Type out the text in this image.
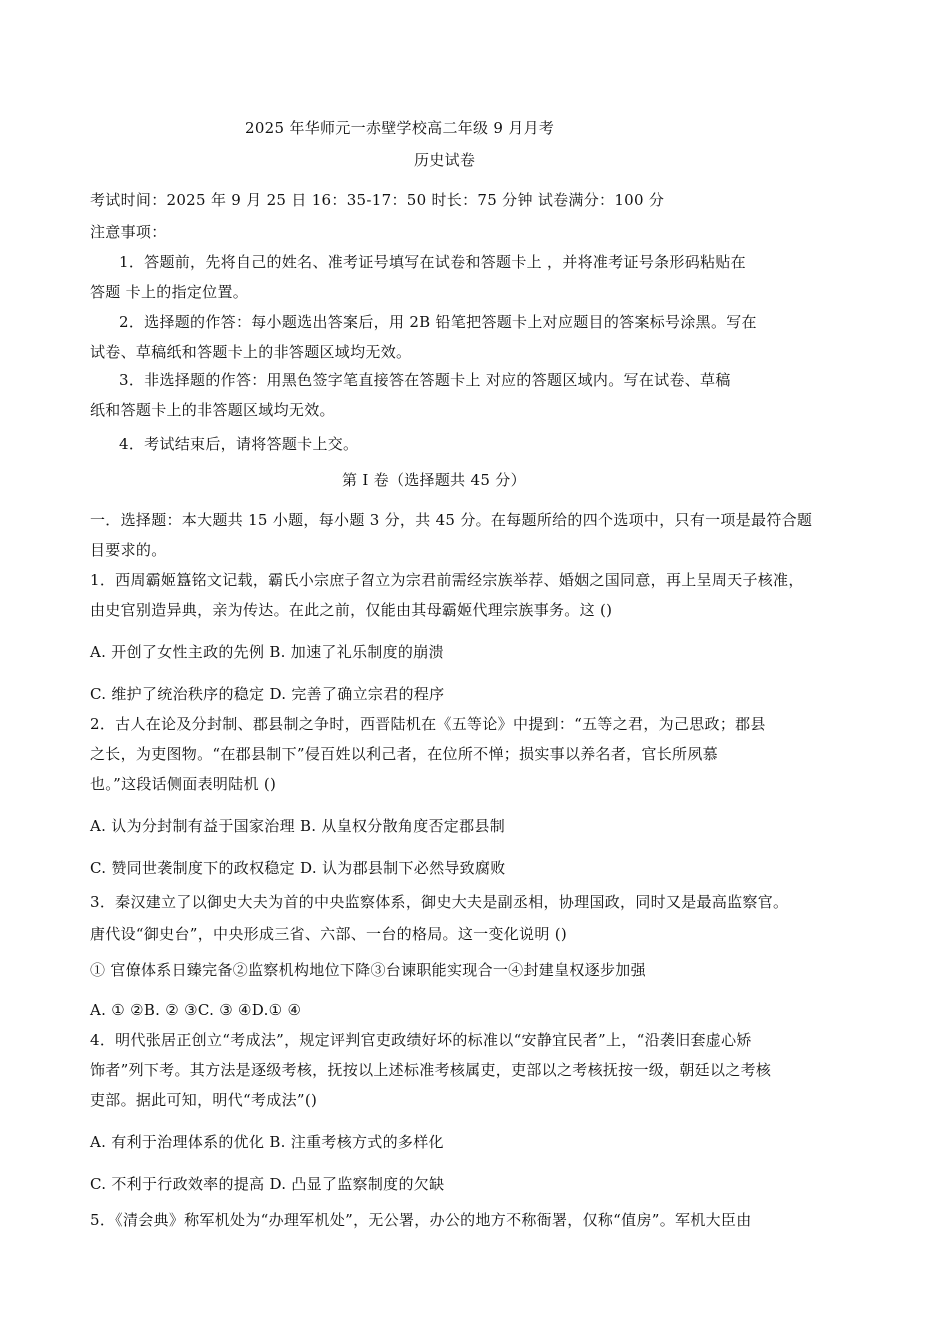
2025 年华师元一赤壁学校高二年级 9 月月考
历史试卷
考试时间：2025 年 9 月 25 日 16：35-17：50 时长：75 分钟 试卷满分：100 分
注意事项：
1．答题前，先将自己的姓名、准考证号填写在试卷和答题卡上 ，并将准考证号条形码粘贴在
答题 卡上的指定位置。
2．选择题的作答：每小题选出答案后，用 2B 铅笔把答题卡上对应题目的答案标号涂黑。写在
试卷、草稿纸和答题卡上的非答题区域均无效。
3．非选择题的作答：用黑色签字笔直接答在答题卡上 对应的答题区域内。写在试卷、草稿
纸和答题卡上的非答题区域均无效。
4．考试结束后，请将答题卡上交。
第 I 卷（选择题共 45 分）
一．选择题：本大题共 15 小题，每小题 3 分，共 45 分。在每题所给的四个选项中，只有一项是最符合题
目要求的。
1．西周霸姬簋铭文记载，霸氏小宗庶子曶立为宗君前需经宗族举荐、婚姻之国同意，再上呈周天子核准，
由史官别造异典，亲为传达。在此之前，仅能由其母霸姬代理宗族事务。这 ()
A. 开创了女性主政的先例 B. 加速了礼乐制度的崩溃
C. 维护了统治秩序的稳定 D. 完善了确立宗君的程序
2．古人在论及分封制、郡县制之争时，西晋陆机在《五等论》中提到：“五等之君，为己思政；郡县
之长，为吏图物。“在郡县制下”侵百姓以利己者，在位所不惮；损实事以养名者，官长所夙慕
也。”这段话侧面表明陆机 ()
A. 认为分封制有益于国家治理 B. 从皇权分散角度否定郡县制
C. 赞同世袭制度下的政权稳定 D. 认为郡县制下必然导致腐败
3．秦汉建立了以御史大夫为首的中央监察体系，御史大夫是副丞相，协理国政，同时又是最高监察官。
唐代设“御史台”，中央形成三省、六部、一台的格局。这一变化说明 ()
① 官僚体系日臻完备②监察机构地位下降③台谏职能实现合一④封建皇权逐步加强
A. ① ②B. ② ③C. ③ ④D.① ④
4．明代张居正创立“考成法”，规定评判官吏政绩好坏的标准以“安静宜民者”上，“沿袭旧套虚心矫
饰者”列下考。其方法是逐级考核，抚按以上述标准考核属吏，吏部以之考核抚按一级，朝廷以之考核
吏部。据此可知，明代“考成法”()
A. 有利于治理体系的优化 B. 注重考核方式的多样化
C. 不利于行政效率的提高 D. 凸显了监察制度的欠缺
5．《清会典》称军机处为“办理军机处”，无公署，办公的地方不称衙署，仅称“值房”。军机大臣由
